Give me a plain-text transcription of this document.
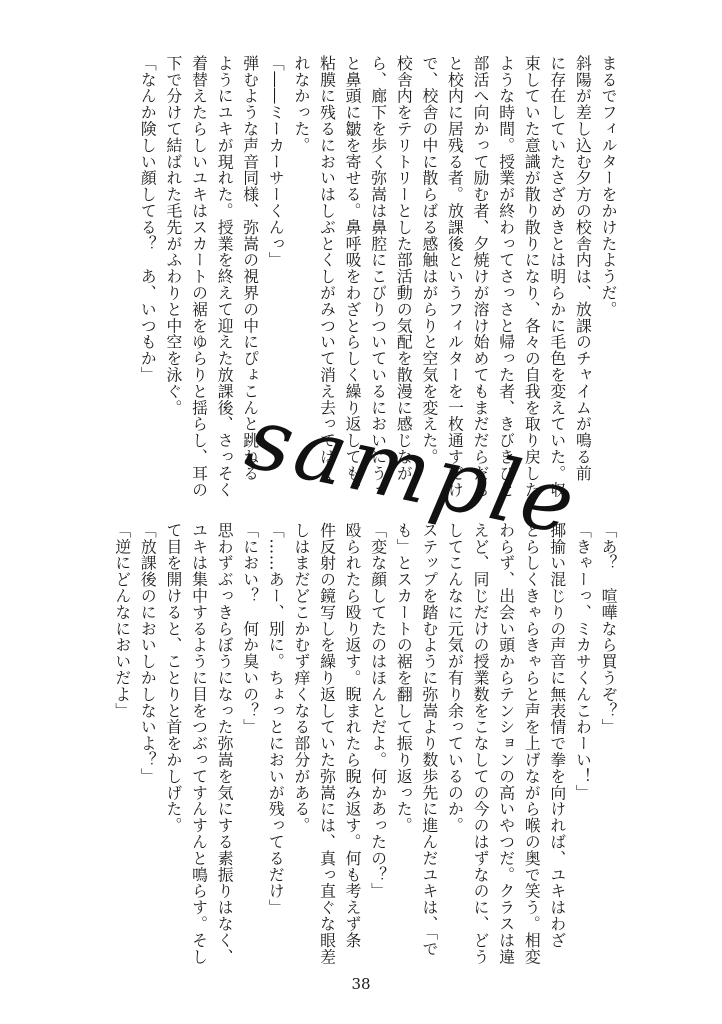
まるでフィルターをかけたようだ。
斜陽が差し込む夕方の校舎内は、放課のチャイムが鳴る前
に存在していたさざめきとは明らかに毛色を変えていた。収
束していた意識が散り散りになり、各々の自我を取り戻した
ような時間。授業が終わってさっさと帰った者、きびきびと
部活へ向かって励む者、夕焼けが溶け始めてもまだだらだら
と校内に居残る者。放課後というフィルターを一枚通すだけ
で、校舎の中に散らばる感触はがらりと空気を変えた。
校舎内をテリトリーとした部活動の気配を散漫に感じなが
ら、廊下を歩く弥嵩は鼻腔にこびりついているにおいにうっ
と鼻頭に皺を寄せる。鼻呼吸をわざとらしく繰り返しても、
粘膜に残るにおいはしぶとくしがみついて消え去ってはく
れなかった。
「――ミーカーサーくんっ」
弾むような声音同様、弥嵩の視界の中にぴょこんと跳ねる
ようにユキが現れた。授業を終えて迎えた放課後、さっそく
着替えたらしいユキはスカートの裾をゆらりと揺らし、耳の
下で分けて結ばれた毛先がふわりと中空を泳ぐ。
「なんか険しい顔してる？　あ、いつもか」
「あ？　喧嘩なら買うぞ？」
「きゃーっ、ミカサくんこわーい！」
揶揄い混じりの声音に無表情で拳を向ければ、ユキはわざ
とらしくきゃらきゃらと声を上げながら喉の奥で笑う。相変
わらず、出会い頭からテンションの高いやつだ。クラスは違
えど、同じだけの授業数をこなしての今のはずなのに、どう
してこんなに元気が有り余っているのか。
ステップを踏むように弥嵩より数歩先に進んだユキは、「で
も」とスカートの裾を翻して振り返った。
「変な顔してたのはほんとだよ。何かあったの？」
殴られたら殴り返す。睨まれたら睨み返す。何も考えず条
件反射の鏡写しを繰り返していた弥嵩には、真っ直ぐな眼差
しはまだどこかむず痒くなる部分がある。
「……あー、別に。ちょっとにおいが残ってるだけ」
「におい？　何か臭いの？」
思わずぶっきらぼうになった弥嵩を気にする素振りはなく、
ユキは集中するように目をつぶってすんすんと鳴らす。そし
て目を開けると、ことりと首をかしげた。
「放課後のにおいしかしないよ？」
「逆にどんなにおいだよ」
sample
38
